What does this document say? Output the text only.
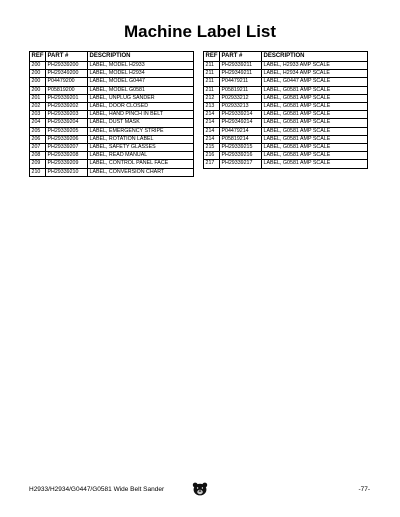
Machine Label List
REF	PART #	DESCRIPTION
200	PH29339200	LABEL, MODEL H2933
200	PH29349200	LABEL, MODEL H2934
200	P04479200	LABEL, MODEL G0447
200	P05819200	LABEL, MODEL G0581
201	PH29339201	LABEL, UNPLUG SANDER
202	PH29339202	LABEL, DOOR CLOSED
203	PH29339203	LABEL, HAND PINCH IN BELT
204	PH29339204	LABEL, DUST MASK
205	PH29339205	LABEL, EMERGENCY STRIPE
206	PH29339206	LABEL, ROTATION LABEL
207	PH29339207	LABEL, SAFETY GLASSES
208	PH29339208	LABEL, READ MANUAL
209	PH29339209	LABEL, CONTROL PANEL FACE
210	PH29339210	LABEL, CONVERSION CHART
REF	PART #	DESCRIPTION
211	PH29339211	LABEL, H2933 AMP SCALE
211	PH29349211	LABEL, H2934 AMP SCALE
211	P04479211	LABEL, G0447 AMP SCALE
211	P05819211	LABEL, G0581 AMP SCALE
212	P02933212	LABEL, G0581 AMP SCALE
213	P02933213	LABEL, G0581 AMP SCALE
214	PH29339214	LABEL, G0581 AMP SCALE
214	PH29349214	LABEL, G0581 AMP SCALE
214	P04479214	LABEL, G0581 AMP SCALE
214	P05819214	LABEL, G0581 AMP SCALE
215	PH29339215	LABEL, G0581 AMP SCALE
216	PH29339216	LABEL, G0581 AMP SCALE
217	PH29339217	LABEL, G0581 AMP SCALE
H2933/H2934/G0447/G0581 Wide Belt Sander	-77-
